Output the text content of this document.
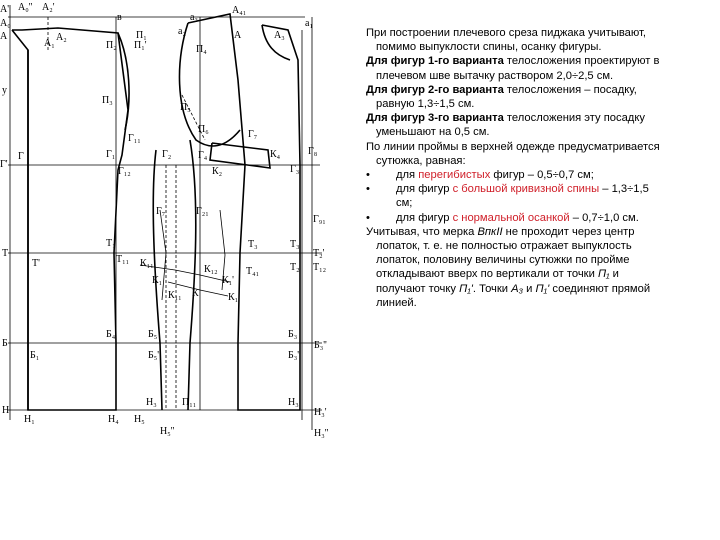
А' А₀'' А₂'
А₀
А	А₂
А₁
в	а₃
А₄₁
а₁
а₂	А	А₃
П₁
П₁'
П₂	П₄
П₃
П₆
П₅
у
Г'
Г	Г₁
Г₁₁
Г₂	Г₄
Г₇
Г₈
Г₃
К₄
К₂
Г₁₂
Г₂₁
Г₇
Г₉₁
Т
Т₁
Т'	Т₁₁
Т₄₁
Т₃	Т₃
Т₁₂
Т₂
Т₂'
К₁₁
К₁₂
К₁	К₁'
К
К₁₁	К₁
Б
Б₁
Б₄	Б₅
Б₅'
Б₃
Б₃'
Б₃''
Н
Н₁	Н₄ Н₅
Н₃	П₁₁	Н₃
Н₃'
Н₃''
Н₅''

При построении плечевого среза пиджака учитывают, помимо выпуклости спины, осанку фигуры.

Для фигур 1-го варианта телосложения проектируют в плечевом шве вытачку раствором 2,0÷2,5 см.

Для фигур 2-го варианта телосложения – посадку, равную 1,3÷1,5 см.

Для фигур 3-го варианта телосложения эту посадку уменьшают на 0,5 см.

По линии проймы в верхней одежде предусматривается сутюжка, равная:

• для перегибистых фигур – 0,5÷0,7 см;
• для фигур с большой кривизной спины – 1,3÷1,5 см;
• для фигур с нормальной осанкой – 0,7÷1,0 см.

Учитывая, что мерка ВпкII не проходит через центр лопаток, т. е. не полностью отражает выпуклость лопаток, половину величины сутюжки по пройме откладывают вверх по вертикали от точки П₁ и получают точку П₁'. Точки А₃ и П₁' соединяют прямой линией.
